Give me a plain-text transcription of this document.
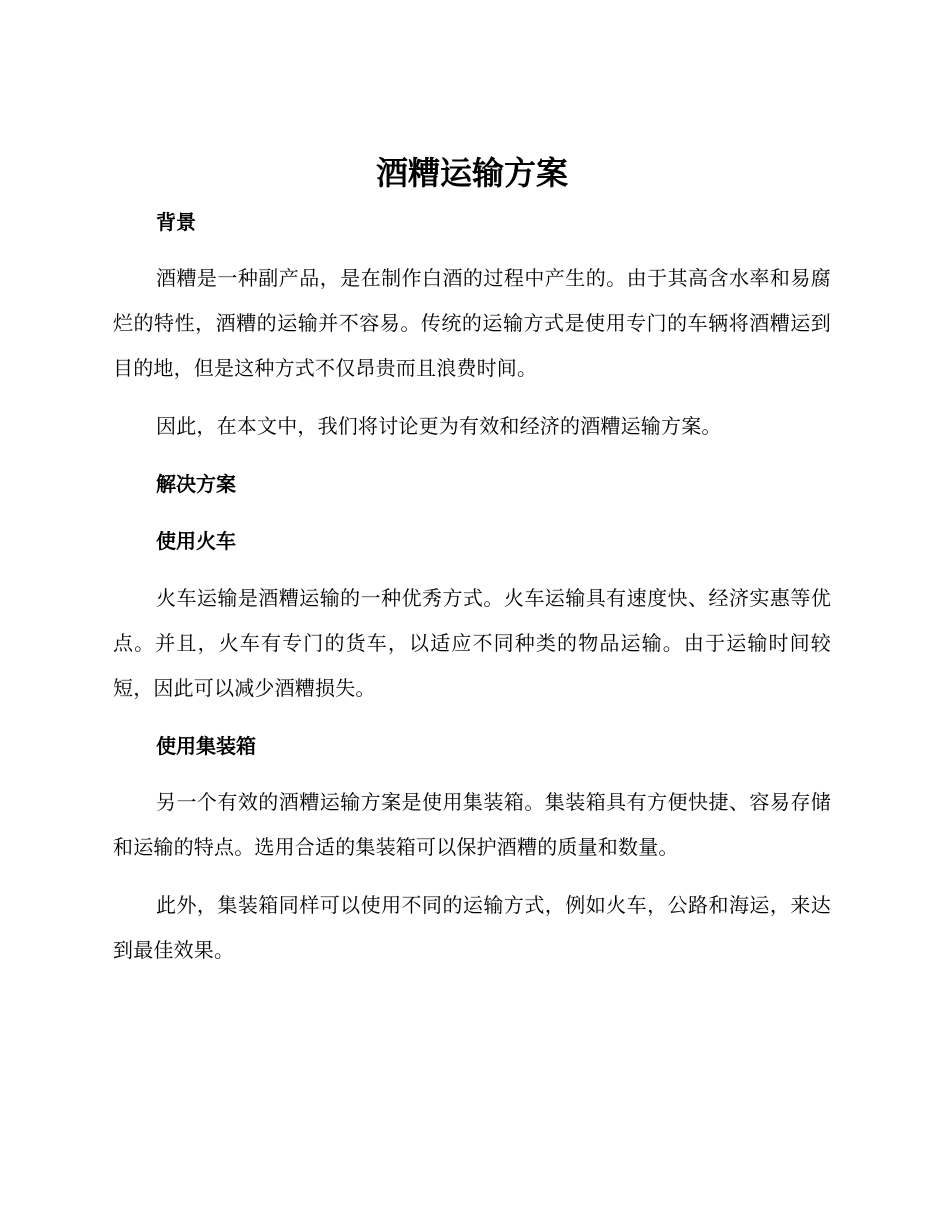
酒糟运输方案
背景

酒糟是一种副产品，是在制作白酒的过程中产生的。由于其高含水率和易腐烂的特性，酒糟的运输并不容易。传统的运输方式是使用专门的车辆将酒糟运到目的地，但是这种方式不仅昂贵而且浪费时间。

因此，在本文中，我们将讨论更为有效和经济的酒糟运输方案。

解决方案
使用火车

火车运输是酒糟运输的一种优秀方式。火车运输具有速度快、经济实惠等优点。并且，火车有专门的货车，以适应不同种类的物品运输。由于运输时间较短，因此可以减少酒糟损失。

使用集装箱

另一个有效的酒糟运输方案是使用集装箱。集装箱具有方便快捷、容易存储和运输的特点。选用合适的集装箱可以保护酒糟的质量和数量。

此外，集装箱同样可以使用不同的运输方式，例如火车，公路和海运，来达到最佳效果。
